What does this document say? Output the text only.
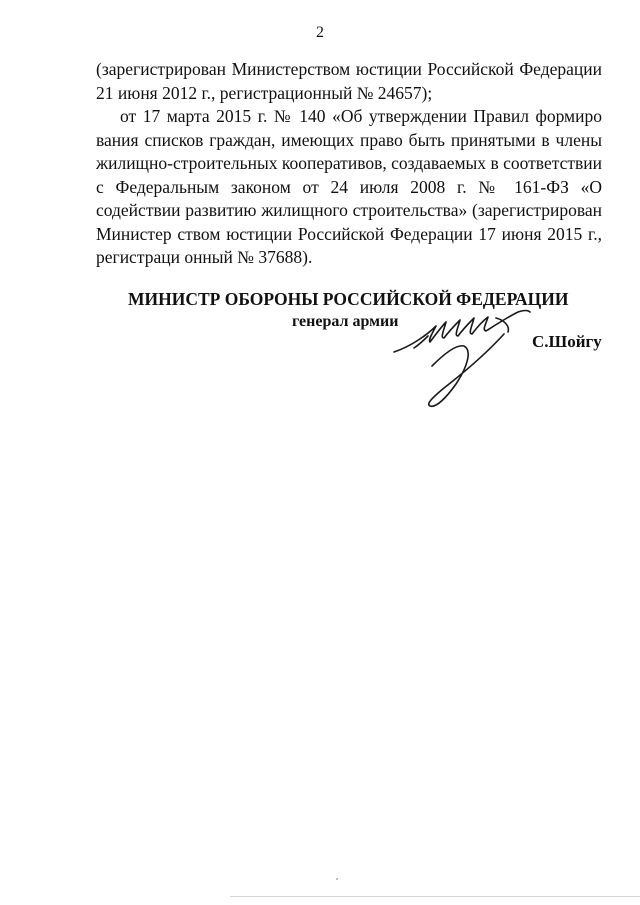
2

(зарегистрирован Министерством юстиции Российской Федерации 21 июня 2012 г., регистрационный № 24657);

от 17 марта 2015 г. № 140 «Об утверждении Правил формиро вания списков граждан, имеющих право быть принятыми в члены жилищно-строительных кооперативов, создаваемых в соответствии с Федеральным законом от 24 июля 2008 г. № 161-ФЗ «О содействии развитию жилищного строительства» (зарегистрирован Министер ством юстиции Российской Федерации 17 июня 2015 г., регистраци онный № 37688).

МИНИСТР ОБОРОНЫ РОССИЙСКОЙ ФЕДЕРАЦИИ
генерал армии
С.Шойгу
